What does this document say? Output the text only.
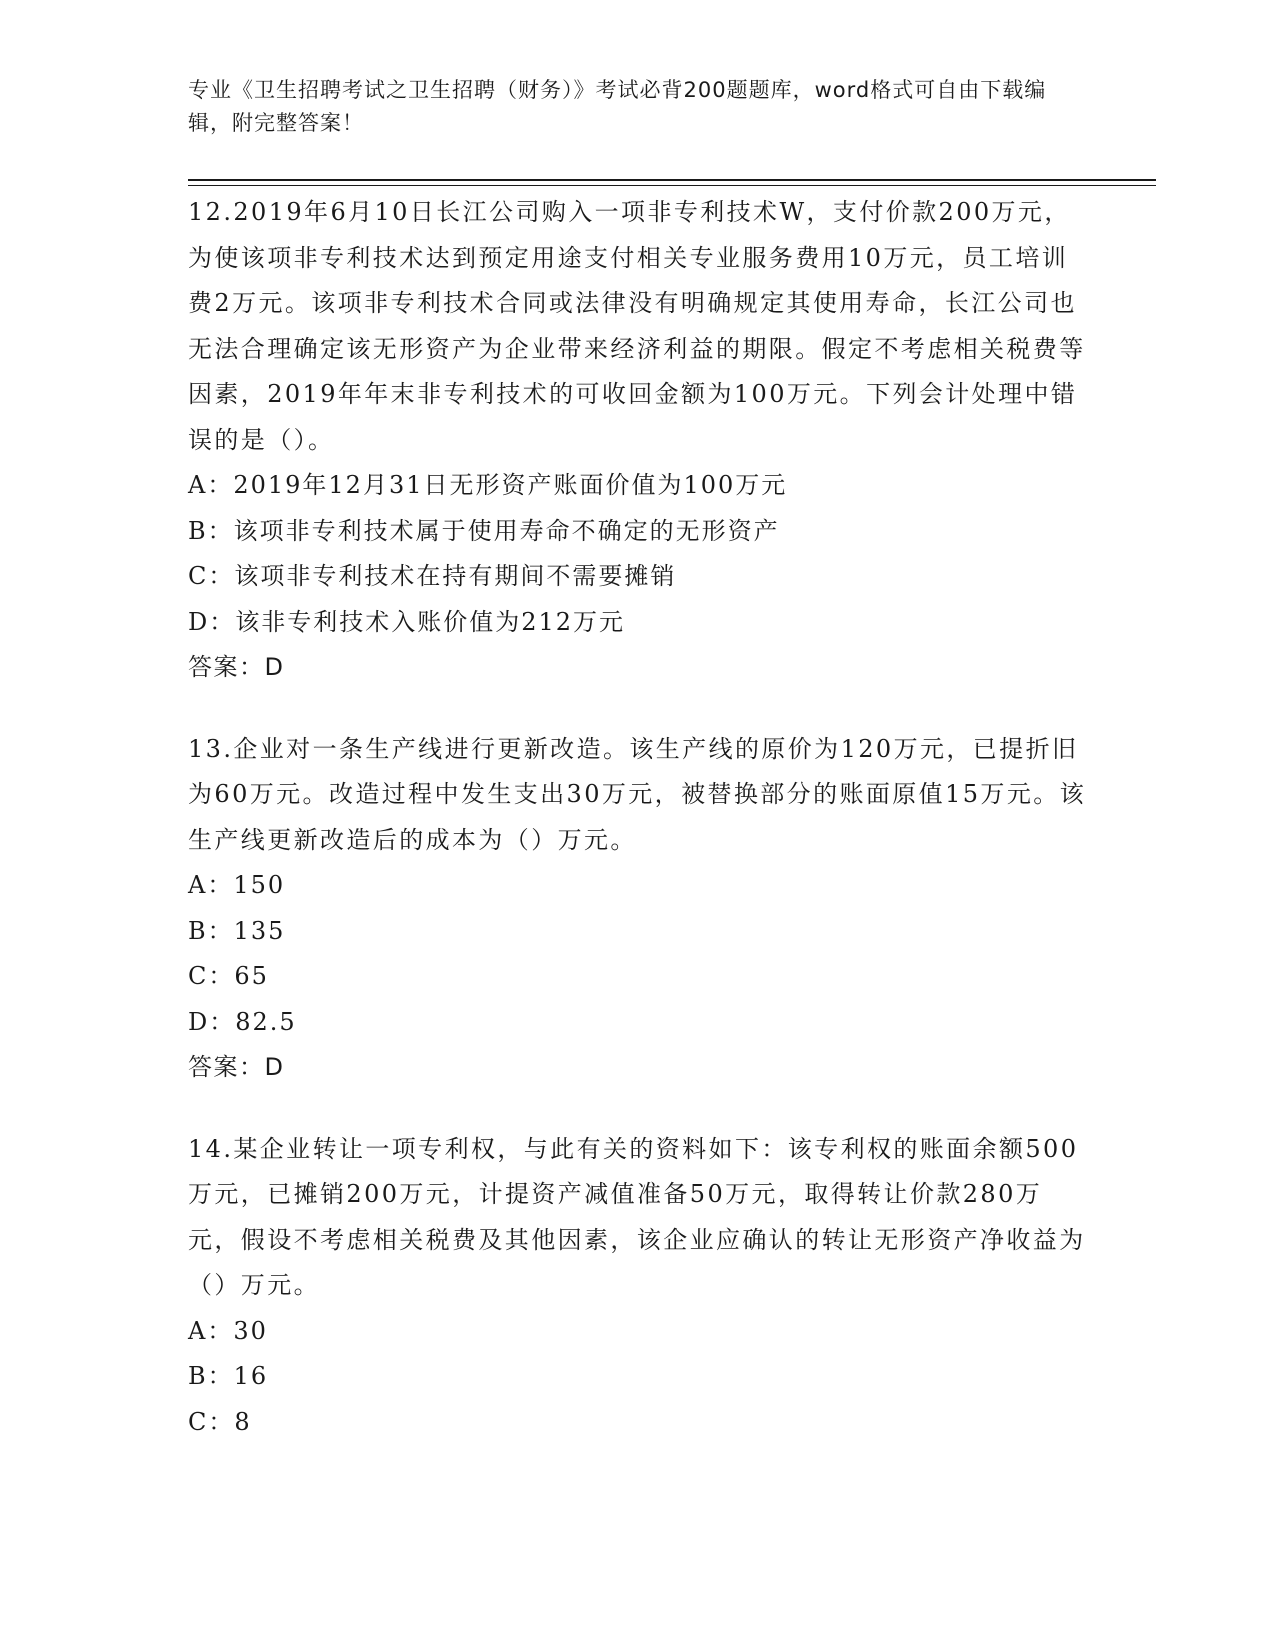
专业《卫生招聘考试之卫生招聘（财务）》考试必背200题题库，word格式可自由下载编辑，附完整答案！
12.2019年6月10日长江公司购入一项非专利技术W，支付价款200万元，为使该项非专利技术达到预定用途支付相关专业服务费用10万元，员工培训费2万元。该项非专利技术合同或法律没有明确规定其使用寿命，长江公司也无法合理确定该无形资产为企业带来经济利益的期限。假定不考虑相关税费等因素，2019年年末非专利技术的可收回金额为100万元。下列会计处理中错误的是（）。
A：2019年12月31日无形资产账面价值为100万元
B：该项非专利技术属于使用寿命不确定的无形资产
C：该项非专利技术在持有期间不需要摊销
D：该非专利技术入账价值为212万元
答案：D
13.企业对一条生产线进行更新改造。该生产线的原价为120万元，已提折旧为60万元。改造过程中发生支出30万元，被替换部分的账面原值15万元。该生产线更新改造后的成本为（）万元。
A：150
B：135
C：65
D：82.5
答案：D
14.某企业转让一项专利权，与此有关的资料如下：该专利权的账面余额500万元，已摊销200万元，计提资产减值准备50万元，取得转让价款280万元，假设不考虑相关税费及其他因素，该企业应确认的转让无形资产净收益为（）万元。
A：30
B：16
C：8
